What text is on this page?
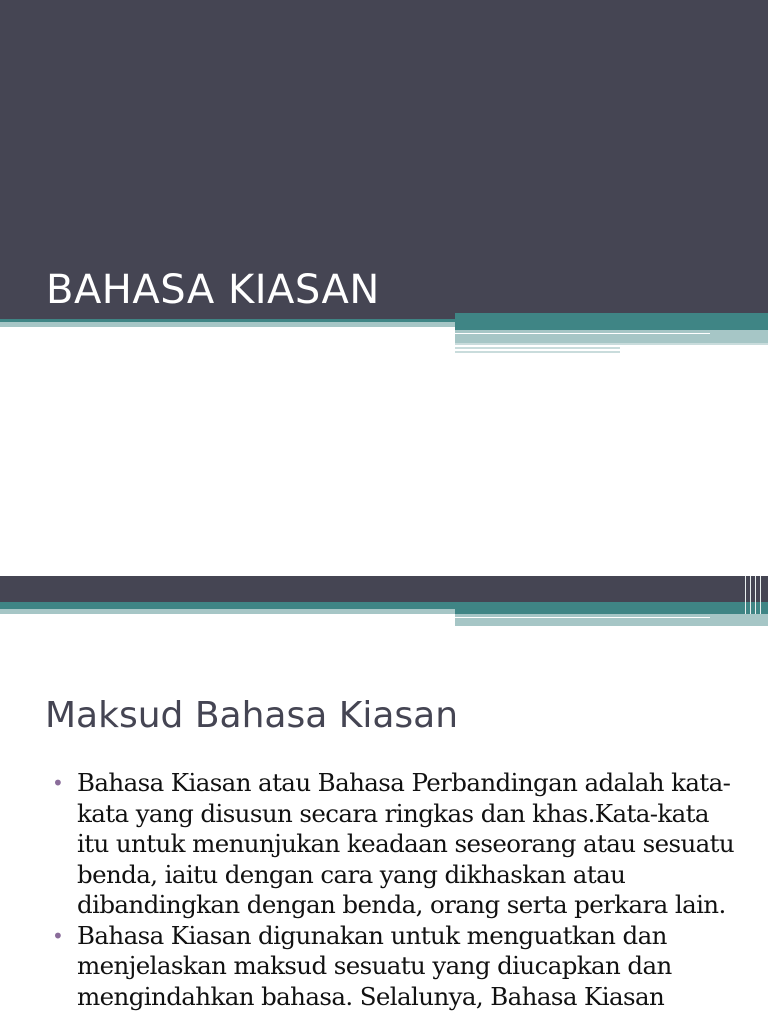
BAHASA KIASAN
Maksud Bahasa Kiasan
• Bahasa Kiasan atau Bahasa Perbandingan adalah kata-kata yang disusun secara ringkas dan khas.Kata-kata itu untuk menunjukan keadaan seseorang atau sesuatu benda, iaitu dengan cara yang dikhaskan atau dibandingkan dengan benda, orang serta perkara lain.
• Bahasa Kiasan digunakan untuk menguatkan dan menjelaskan maksud sesuatu yang diucapkan dan mengindahkan bahasa. Selalunya, Bahasa Kiasan
